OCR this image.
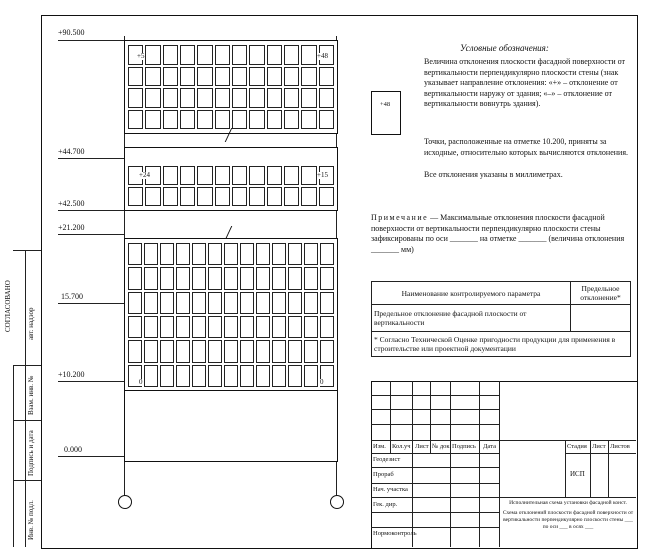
СОГЛАСОВАНО авт. надзор
Взам. инв. №
Подпись и дата
Инв. № подл.
+90.500
+44.700
+42.500
+21.200
15.700
+10.200
0.000
+5	+48
+24	+15
0	0
Условные обозначения:
+48
Величина отклонения плоскости фасадной поверхности от вертикальности перпендикулярно плоскости стены (знак указывает направление отклонения: «+» – отклонение от вертикальности наружу от здания; «–» – отклонение от вертикальности вовнутрь здания).
Точки, расположенные на отметке 10.200, приняты за исходные, относительно которых вычисляются отклонения.
Все отклонения указаны в миллиметрах.
Примечание — Максимальные отклонения плоскости фасадной поверхности от вертикальности перпендикулярно плоскости стены зафиксированы по оси _______ на отметке _______ (величина отклонения _______ мм)
Наименование контролируемого параметра	Предельное отклонение*
Предельное отклонение фасадной плоскости от вертикальности	
* Согласно Технической Оценке пригодности продукции для применения в строительстве или проектной документации	
Изм. Кол.уч Лист № док. Подпись Дата
Геодезист
Прораб
Нач. участка
Гек. дир.
Нормоконтроль
Стадия Лист Листов
ИСП
Исполнительная схема установки фасадной конст.
Схема отклонений плоскости фасадной поверхности от вертикальности перпендикулярно плоскости стены ___ по оси ___ в осях ___
